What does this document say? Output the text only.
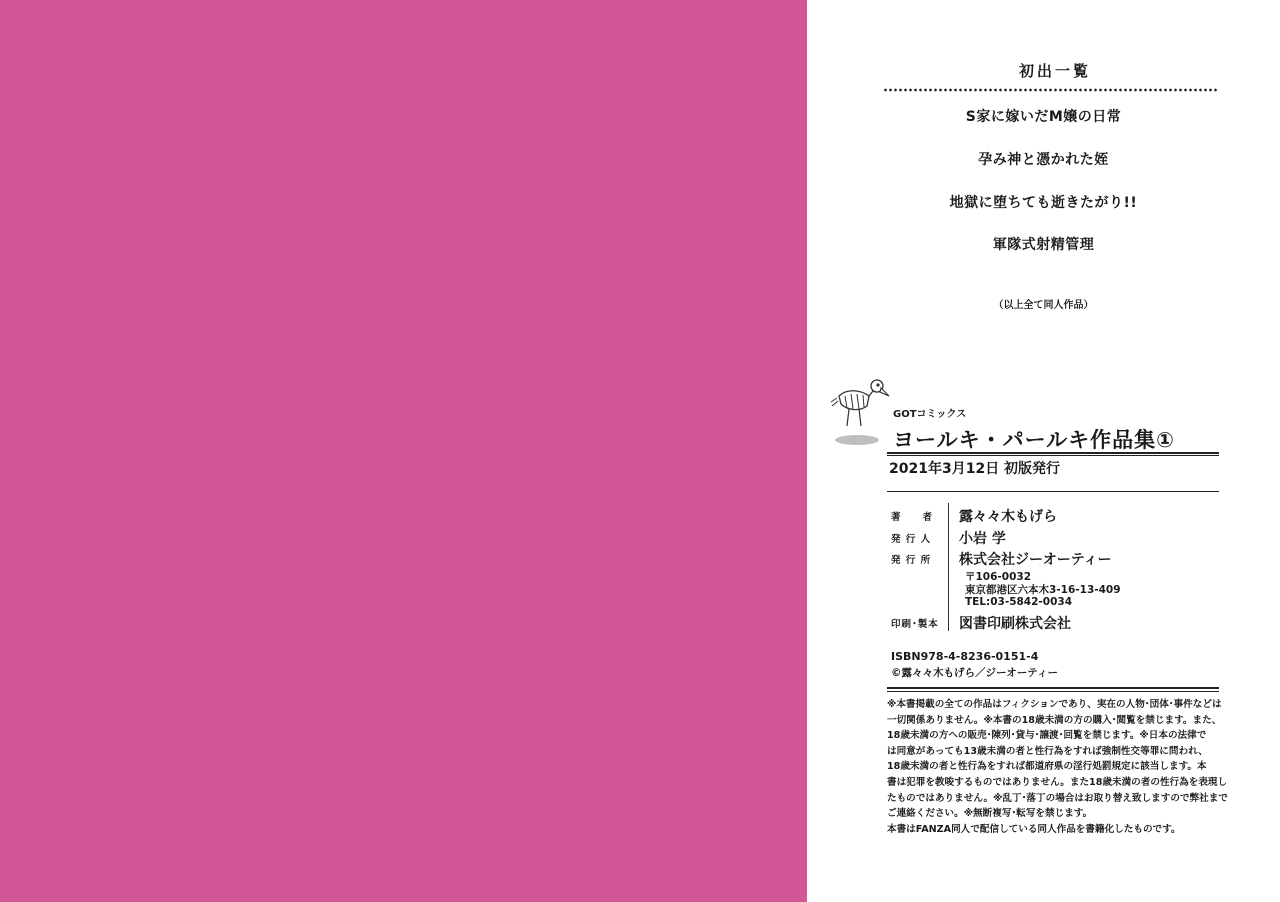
初出一覧
S家に嫁いだM嬢の日常
孕み神と憑かれた姪
地獄に堕ちても逝きたがり!!
軍隊式射精管理
（以上全て同人作品）
GOTコミックス
ヨールキ・パールキ作品集①
2021年3月12日 初版発行
著　　者 露々々木もげら
発 行 人 小岩 学
発 行 所 株式会社ジーオーティー
〒106-0032
東京都港区六本木3-16-13-409
TEL:03-5842-0034
印刷･製本 図書印刷株式会社
ISBN978-4-8236-0151-4
©露々々木もげら／ジーオーティー
※本書掲載の全ての作品はフィクションであり、実在の人物･団体･事件などは
一切関係ありません。※本書の18歳未満の方の購入･閲覧を禁じます。また、
18歳未満の方への販売･陳列･貸与･譲渡･回覧を禁じます。※日本の法律で
は同意があっても13歳未満の者と性行為をすれば強制性交等罪に問われ、
18歳未満の者と性行為をすれば都道府県の淫行処罰規定に該当します。本
書は犯罪を教唆するものではありません。また18歳未満の者の性行為を表現し
たものではありません。※乱丁･落丁の場合はお取り替え致しますので弊社まで
ご連絡ください。※無断複写･転写を禁じます。
本書はFANZA同人で配信している同人作品を書籍化したものです。
